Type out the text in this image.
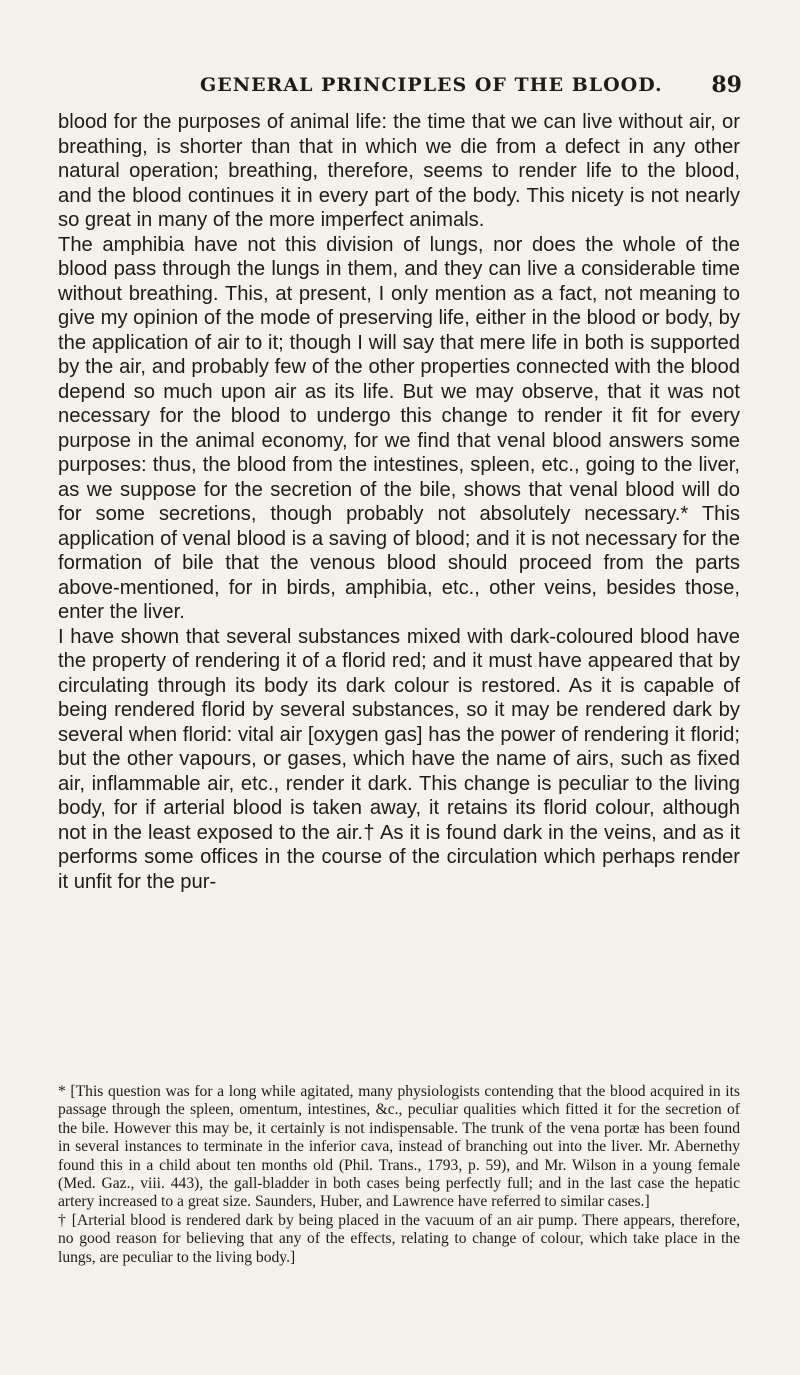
GENERAL PRINCIPLES OF THE BLOOD. 89

blood for the purposes of animal life: the time that we can live without air, or breathing, is shorter than that in which we die from a defect in any other natural operation; breathing, therefore, seems to render life to the blood, and the blood continues it in every part of the body. This nicety is not nearly so great in many of the more imperfect animals.

The amphibia have not this division of lungs, nor does the whole of the blood pass through the lungs in them, and they can live a considerable time without breathing. This, at present, I only mention as a fact, not meaning to give my opinion of the mode of preserving life, either in the blood or body, by the application of air to it; though I will say that mere life in both is supported by the air, and probably few of the other properties connected with the blood depend so much upon air as its life. But we may observe, that it was not necessary for the blood to undergo this change to render it fit for every purpose in the animal economy, for we find that venal blood answers some purposes: thus, the blood from the intestines, spleen, etc., going to the liver, as we suppose for the secretion of the bile, shows that venal blood will do for some secretions, though probably not absolutely necessary.* This application of venal blood is a saving of blood; and it is not necessary for the formation of bile that the venous blood should proceed from the parts above-mentioned, for in birds, amphibia, etc., other veins, besides those, enter the liver.

I have shown that several substances mixed with dark-coloured blood have the property of rendering it of a florid red; and it must have appeared that by circulating through its body its dark colour is restored. As it is capable of being rendered florid by several substances, so it may be rendered dark by several when florid: vital air [oxygen gas] has the power of rendering it florid; but the other vapours, or gases, which have the name of airs, such as fixed air, inflammable air, etc., render it dark. This change is peculiar to the living body, for if arterial blood is taken away, it retains its florid colour, although not in the least exposed to the air.† As it is found dark in the veins, and as it performs some offices in the course of the circulation which perhaps render it unfit for the pur-

* [This question was for a long while agitated, many physiologists contending that the blood acquired in its passage through the spleen, omentum, intestines, &c., peculiar qualities which fitted it for the secretion of the bile. However this may be, it certainly is not indispensable. The trunk of the vena portæ has been found in several instances to terminate in the inferior cava, instead of branching out into the liver. Mr. Abernethy found this in a child about ten months old (Phil. Trans., 1793, p. 59), and Mr. Wilson in a young female (Med. Gaz., viii. 443), the gall-bladder in both cases being perfectly full; and in the last case the hepatic artery increased to a great size. Saunders, Huber, and Lawrence have referred to similar cases.]

† [Arterial blood is rendered dark by being placed in the vacuum of an air pump. There appears, therefore, no good reason for believing that any of the effects, relating to change of colour, which take place in the lungs, are peculiar to the living body.]
